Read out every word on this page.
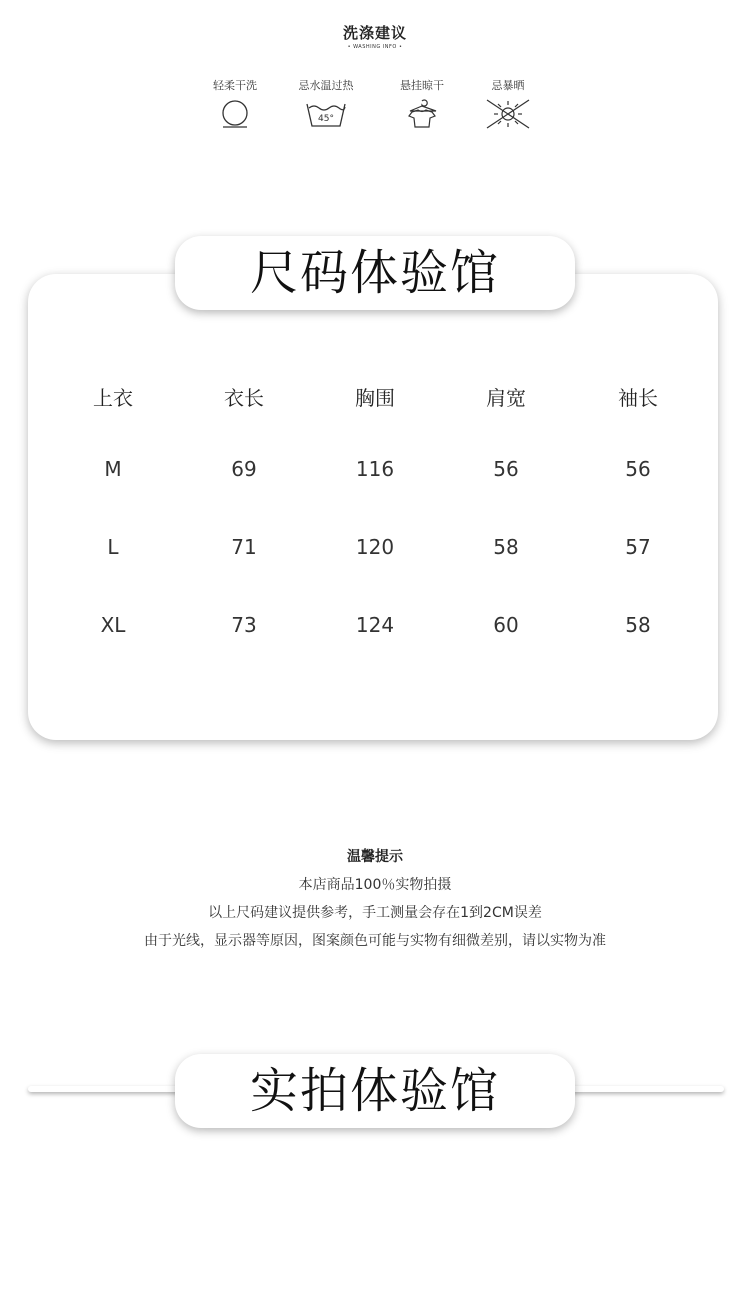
洗涤建议
• WASHING INFO •
轻柔干洗	忌水温过热
45°
悬挂晾干	忌暴晒
尺码体验馆
上衣	衣长	胸围	肩宽	袖长
M	69	116	56	56
L	71	120	58	57
XL	73	124	60	58
温馨提示
本店商品100％实物拍摄
以上尺码建议提供参考，手工测量会存在1到2CM误差
由于光线，显示器等原因，图案颜色可能与实物有细微差别，请以实物为准
实拍体验馆
